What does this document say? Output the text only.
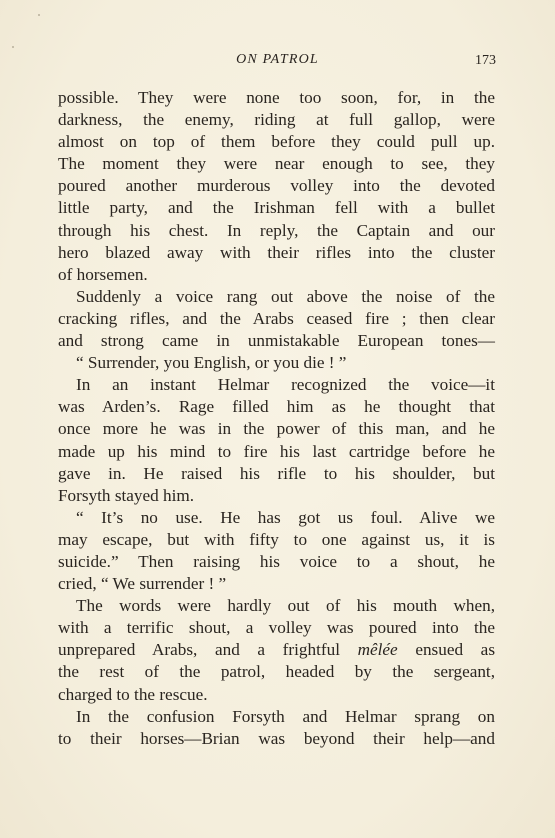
ON PATROL	173
possible. They were none too soon, for, in the
darkness, the enemy, riding at full gallop, were
almost on top of them before they could pull up.
The moment they were near enough to see, they
poured another murderous volley into the devoted
little party, and the Irishman fell with a bullet
through his chest. In reply, the Captain and our
hero blazed away with their rifles into the cluster
of horsemen.
Suddenly a voice rang out above the noise of the
cracking rifles, and the Arabs ceased fire ; then clear
and strong came in unmistakable European tones—
“ Surrender, you English, or you die ! ”
In an instant Helmar recognized the voice—it
was Arden’s. Rage filled him as he thought that
once more he was in the power of this man, and he
made up his mind to fire his last cartridge before he
gave in. He raised his rifle to his shoulder, but
Forsyth stayed him.
“ It’s no use. He has got us foul. Alive we
may escape, but with fifty to one against us, it is
suicide.” Then raising his voice to a shout, he
cried, “ We surrender ! ”
The words were hardly out of his mouth when,
with a terrific shout, a volley was poured into the
unprepared Arabs, and a frightful mêlée ensued as
the rest of the patrol, headed by the sergeant,
charged to the rescue.
In the confusion Forsyth and Helmar sprang on
to their horses—Brian was beyond their help—and
